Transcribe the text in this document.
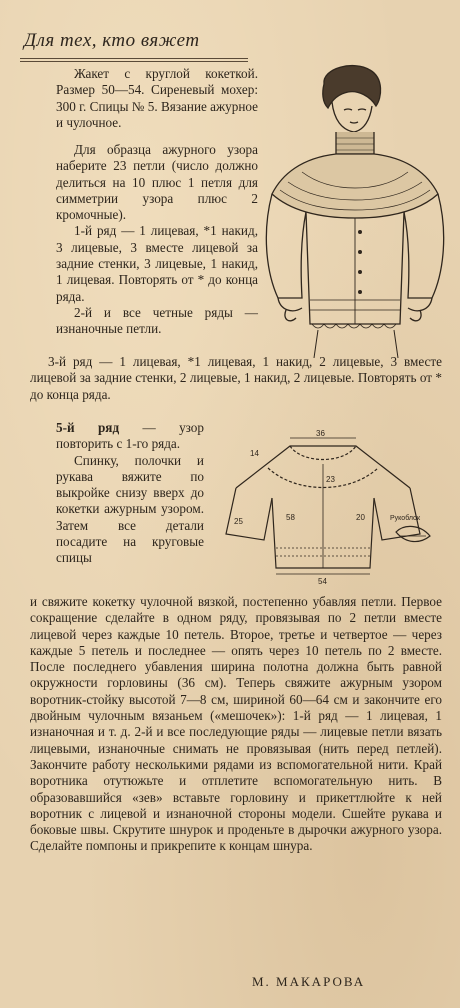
Для тех, кто вяжет

Жакет с круглой кокеткой. Размер 50—54. Сиреневый мохер: 300 г. Спицы № 5. Вязание ажурное и чулочное.

Для образца ажурного узора наберите 23 петли (число должно делиться на 10 плюс 1 петля для симметрии узора плюс 2 кромочные).

1-й ряд — 1 лицевая, *1 накид, 3 лицевые, 3 вместе лицевой за задние стенки, 3 лицевые, 1 накид, 1 лицевая. Повторять от * до конца ряда.

2-й и все четные ряды — изнаночные петли.

3-й ряд — 1 лицевая, *1 лицевая, 1 накид, 2 лицевые, 3 вместе лицевой за задние стенки, 2 лицевые, 1 накид, 2 лицевые. Повторять от * до конца ряда.

5-й ряд — узор повторить с 1-го ряда.

Спинку, полочки и рукава вяжите по выкройке снизу вверх до кокетки ажурным узором. Затем все детали посадите на круговые спицы

36
14
23
58	20
54
25	Рукоблок

и свяжите кокетку чулочной вязкой, постепенно убавляя петли. Первое сокращение сделайте в одном ряду, провязывая по 2 петли вместе лицевой через каждые 10 петель. Второе, третье и четвертое — через каждые 5 петель и последнее — опять через 10 петель по 2 вместе. После последнего убавления ширина полотна должна быть равной окружности горловины (36 см). Теперь свяжите ажурным узором воротник-стойку высотой 7—8 см, шириной 60—64 см и закончите его двойным чулочным вязаньем («мешочек»): 1-й ряд — 1 лицевая, 1 изнаночная и т. д. 2-й и все последующие ряды — лицевые петли вязать лицевыми, изнаночные снимать не провязывая (нить перед петлей). Закончите работу несколькими рядами из вспомогательной нити. Край воротника отутюжьте и отплетите вспомогательную нить. В образовавшийся «зев» вставьте горловину и прикеттлюйте к ней воротник с лицевой и изнаночной стороны модели. Сшейте рукава и боковые швы. Скрутите шнурок и проденьте в дырочки ажурного узора. Сделайте помпоны и прикрепите к концам шнура.

М. МАКАРОВА
